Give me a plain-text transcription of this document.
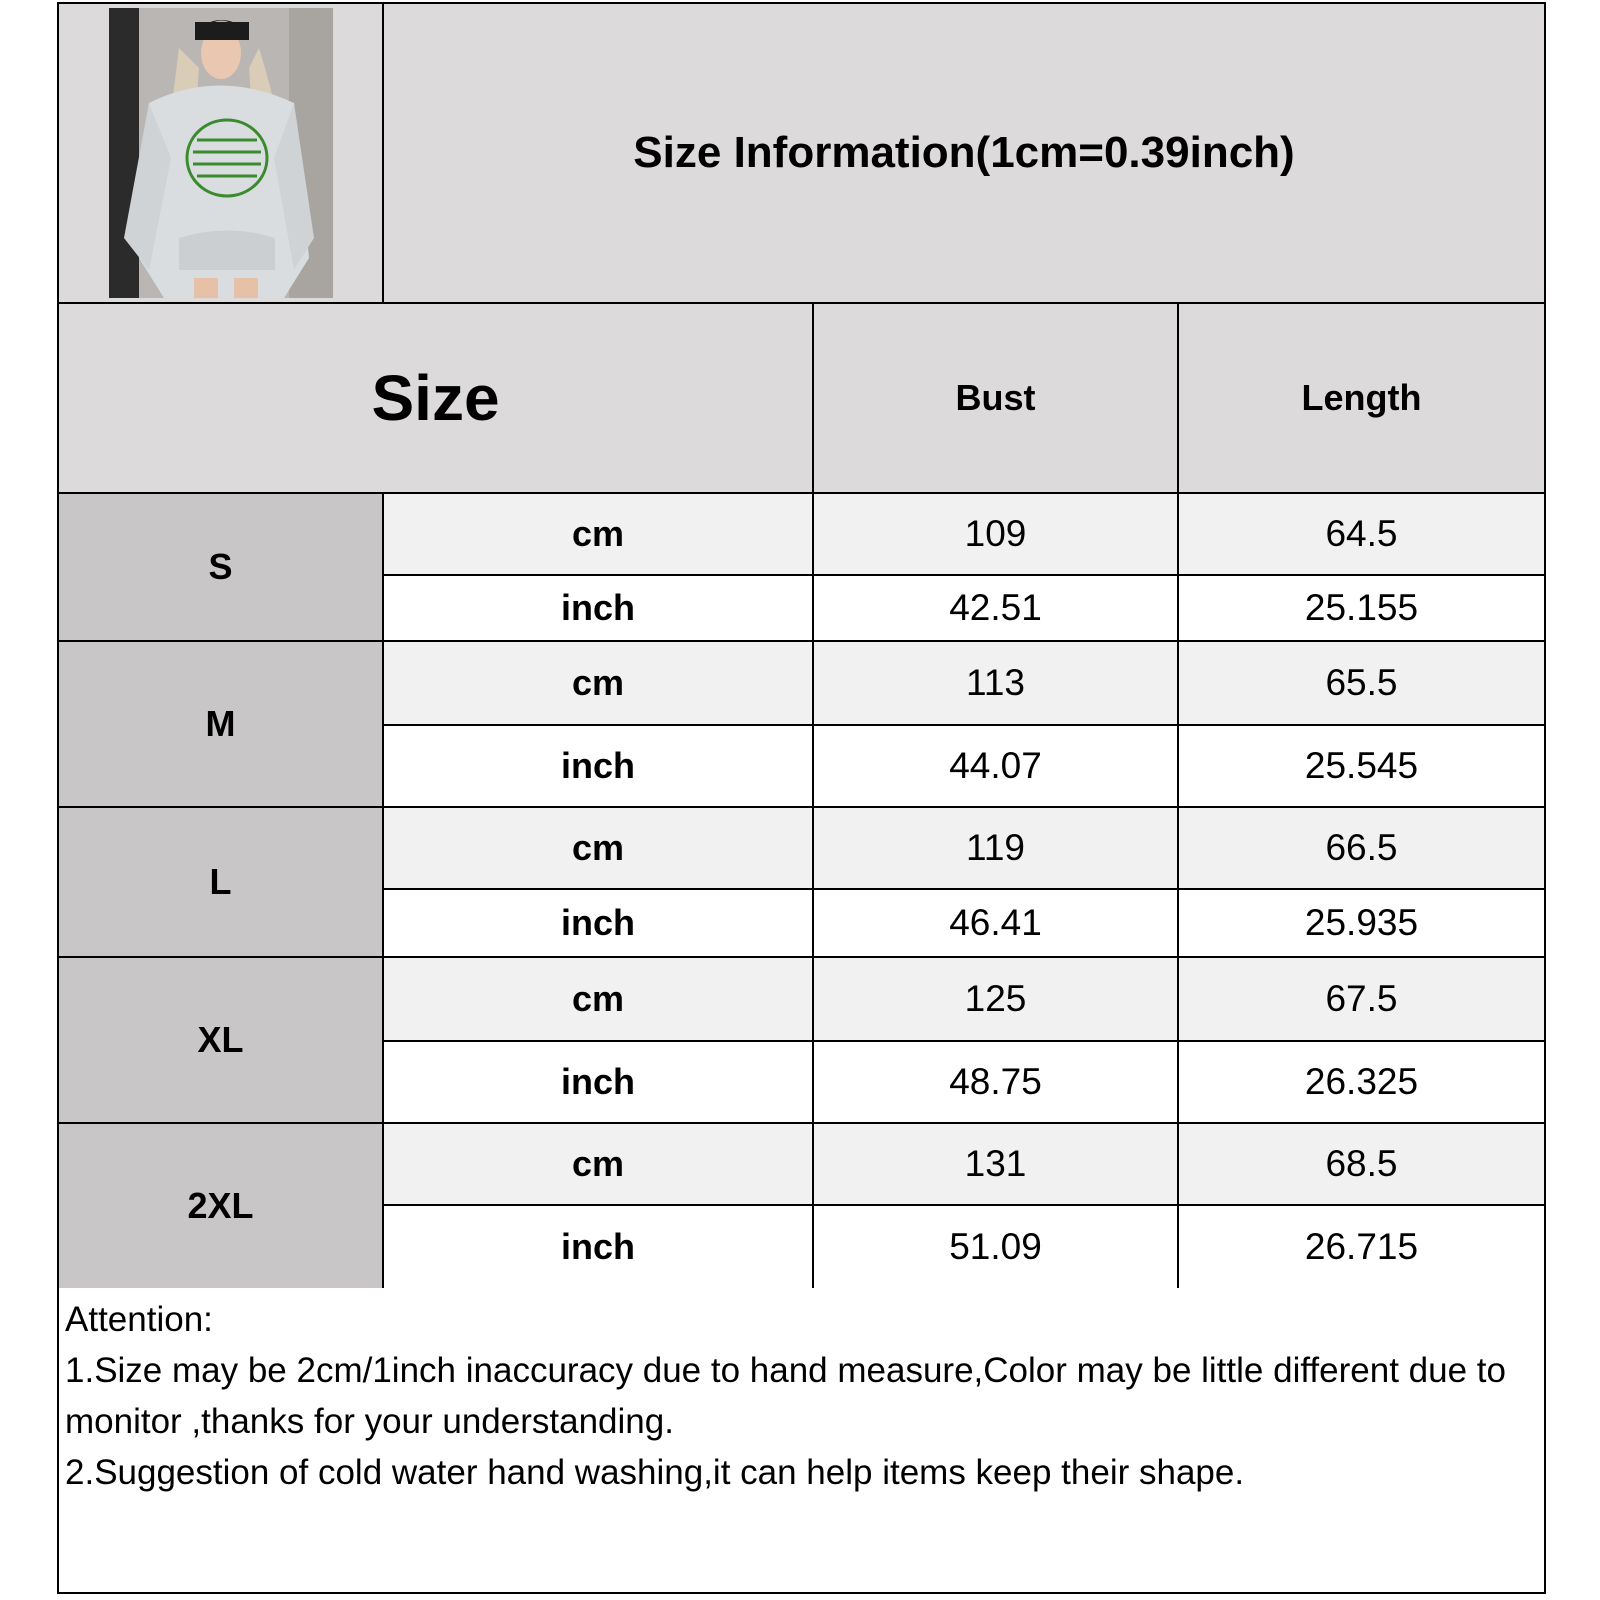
Size Information(1cm=0.39inch)
Size	Bust	Length
S
cm	109	64.5
inch	42.51	25.155
M
cm	113	65.5
inch	44.07	25.545
L
cm	119	66.5
inch	46.41	25.935
XL
cm	125	67.5
inch	48.75	26.325
2XL
cm	131	68.5
inch	51.09	26.715
Attention:
1.Size may be 2cm/1inch inaccuracy due to hand measure,Color may be little different due to monitor ,thanks for your understanding.
2.Suggestion of cold water hand washing,it can help items keep their shape.
